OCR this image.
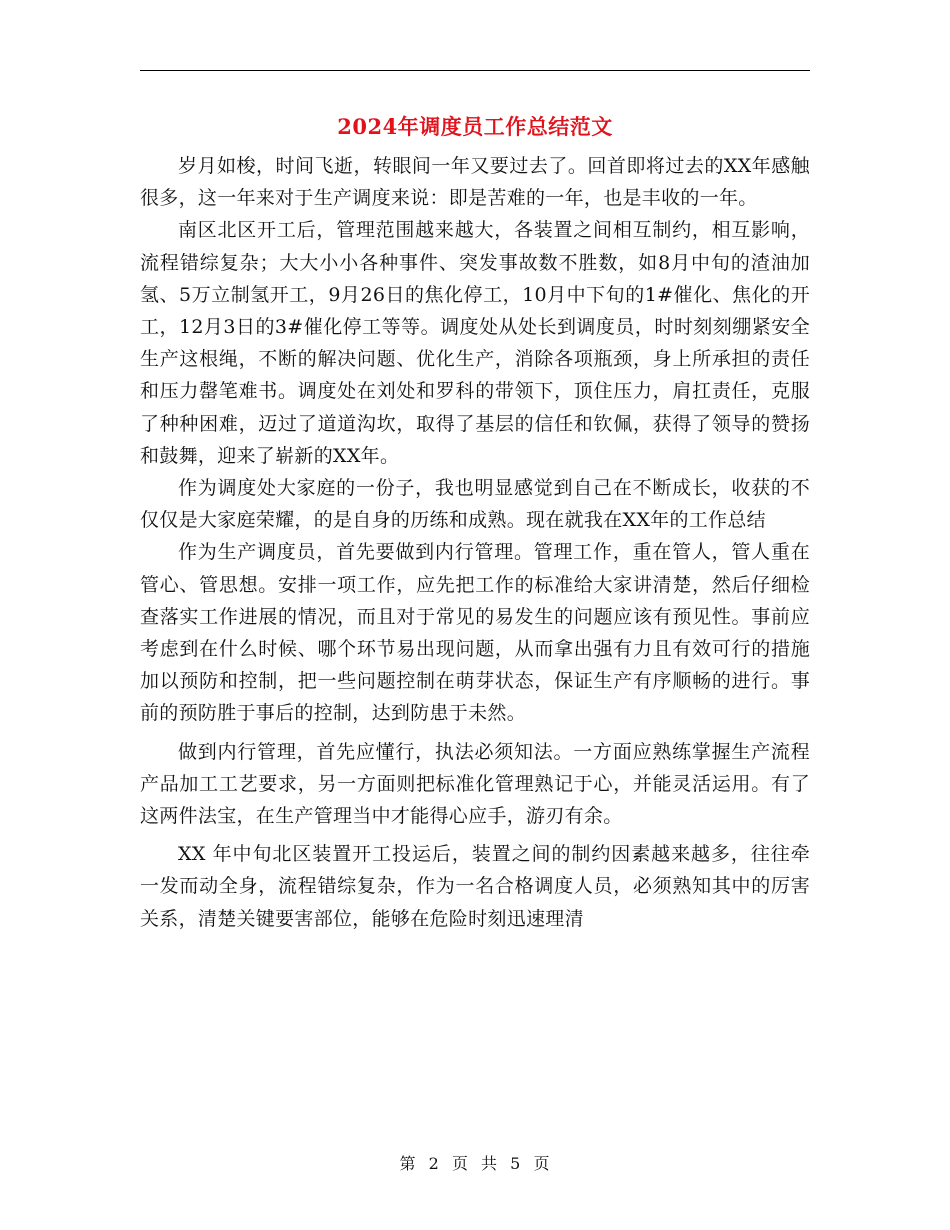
2024年调度员工作总结范文

岁月如梭，时间飞逝，转眼间一年又要过去了。回首即将过去的XX年感触很多，这一年来对于生产调度来说：即是苦难的一年，也是丰收的一年。

南区北区开工后，管理范围越来越大，各装置之间相互制约，相互影响，流程错综复杂；大大小小各种事件、突发事故数不胜数，如8月中旬的渣油加氢、5万立制氢开工，9月26日的焦化停工，10月中下旬的1#催化、焦化的开工，12月3日的3#催化停工等等。调度处从处长到调度员，时时刻刻绷紧安全生产这根绳，不断的解决问题、优化生产，消除各项瓶颈，身上所承担的责任和压力罄笔难书。调度处在刘处和罗科的带领下，顶住压力，肩扛责任，克服了种种困难，迈过了道道沟坎，取得了基层的信任和钦佩，获得了领导的赞扬和鼓舞，迎来了崭新的XX年。

作为调度处大家庭的一份子，我也明显感觉到自己在不断成长，收获的不仅仅是大家庭荣耀，的是自身的历练和成熟。现在就我在XX年的工作总结

作为生产调度员，首先要做到内行管理。管理工作，重在管人，管人重在管心、管思想。安排一项工作，应先把工作的标准给大家讲清楚，然后仔细检查落实工作进展的情况，而且对于常见的易发生的问题应该有预见性。事前应考虑到在什么时候、哪个环节易出现问题，从而拿出强有力且有效可行的措施加以预防和控制，把一些问题控制在萌芽状态，保证生产有序顺畅的进行。事前的预防胜于事后的控制，达到防患于未然。

做到内行管理，首先应懂行，执法必须知法。一方面应熟练掌握生产流程产品加工工艺要求，另一方面则把标准化管理熟记于心，并能灵活运用。有了这两件法宝，在生产管理当中才能得心应手，游刃有余。

XX 年中旬北区装置开工投运后，装置之间的制约因素越来越多，往往牵一发而动全身，流程错综复杂，作为一名合格调度人员，必须熟知其中的厉害关系，清楚关键要害部位，能够在危险时刻迅速理清

第 2 页 共 5 页
